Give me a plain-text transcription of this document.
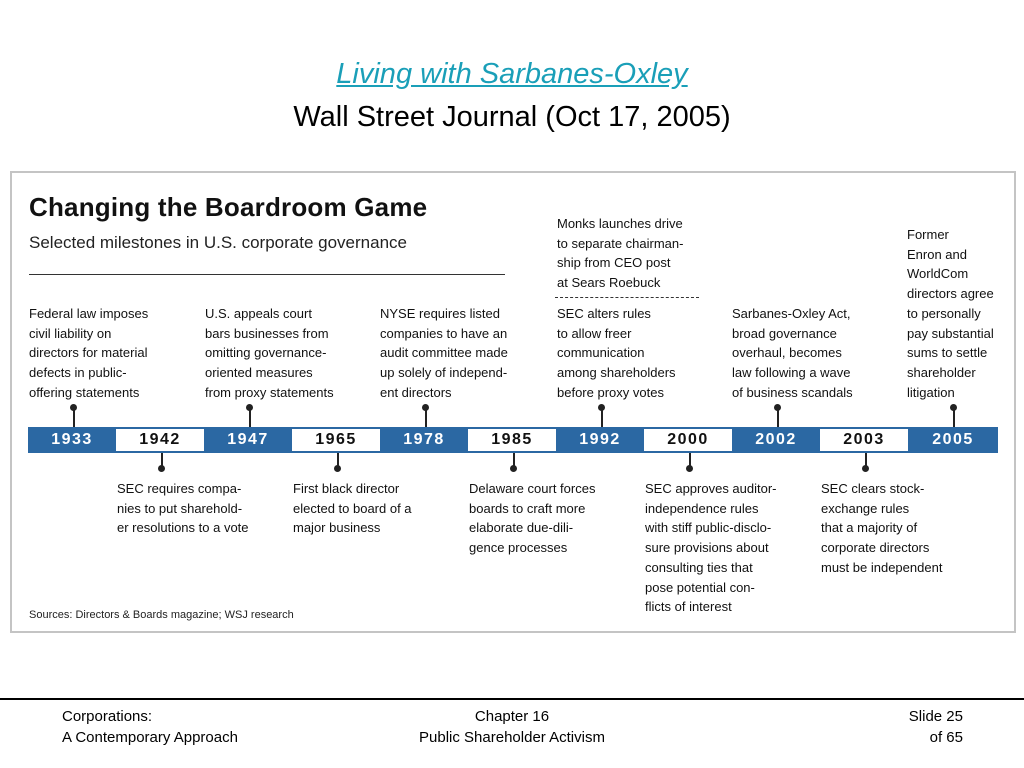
Living with Sarbanes-Oxley
Wall Street Journal (Oct 17, 2005)
Changing the Boardroom Game
Selected milestones in U.S. corporate governance
Federal law imposes
civil liability on
directors for material
defects in public-
offering statements
U.S. appeals court
bars businesses from
omitting governance-
oriented measures
from proxy statements
NYSE requires listed
companies to have an
audit committee made
up solely of independ-
ent directors
Monks launches drive
to separate chairman-
ship from CEO post
at Sears Roebuck
SEC alters rules
to allow freer
communication
among shareholders
before proxy votes
Sarbanes-Oxley Act,
broad governance
overhaul, becomes
law following a wave
of business scandals
Former
Enron and
WorldCom
directors agree
to personally
pay substantial
sums to settle
shareholder
litigation
1933	1942	1947	1965	1978	1985	1992	2000	2002	2003	2005
SEC requires compa-
nies to put sharehold-
er resolutions to a vote
First black director
elected to board of a
major business
Delaware court forces
boards to craft more
elaborate due-dili-
gence processes
SEC approves auditor-
independence rules
with stiff public-disclo-
sure provisions about
consulting ties that
pose potential con-
flicts of interest
SEC clears stock-
exchange rules
that a majority of
corporate directors
must be independent
Sources: Directors & Boards magazine; WSJ research
Corporations:
A Contemporary Approach
Chapter 16
Public Shareholder Activism
Slide 25
of 65
